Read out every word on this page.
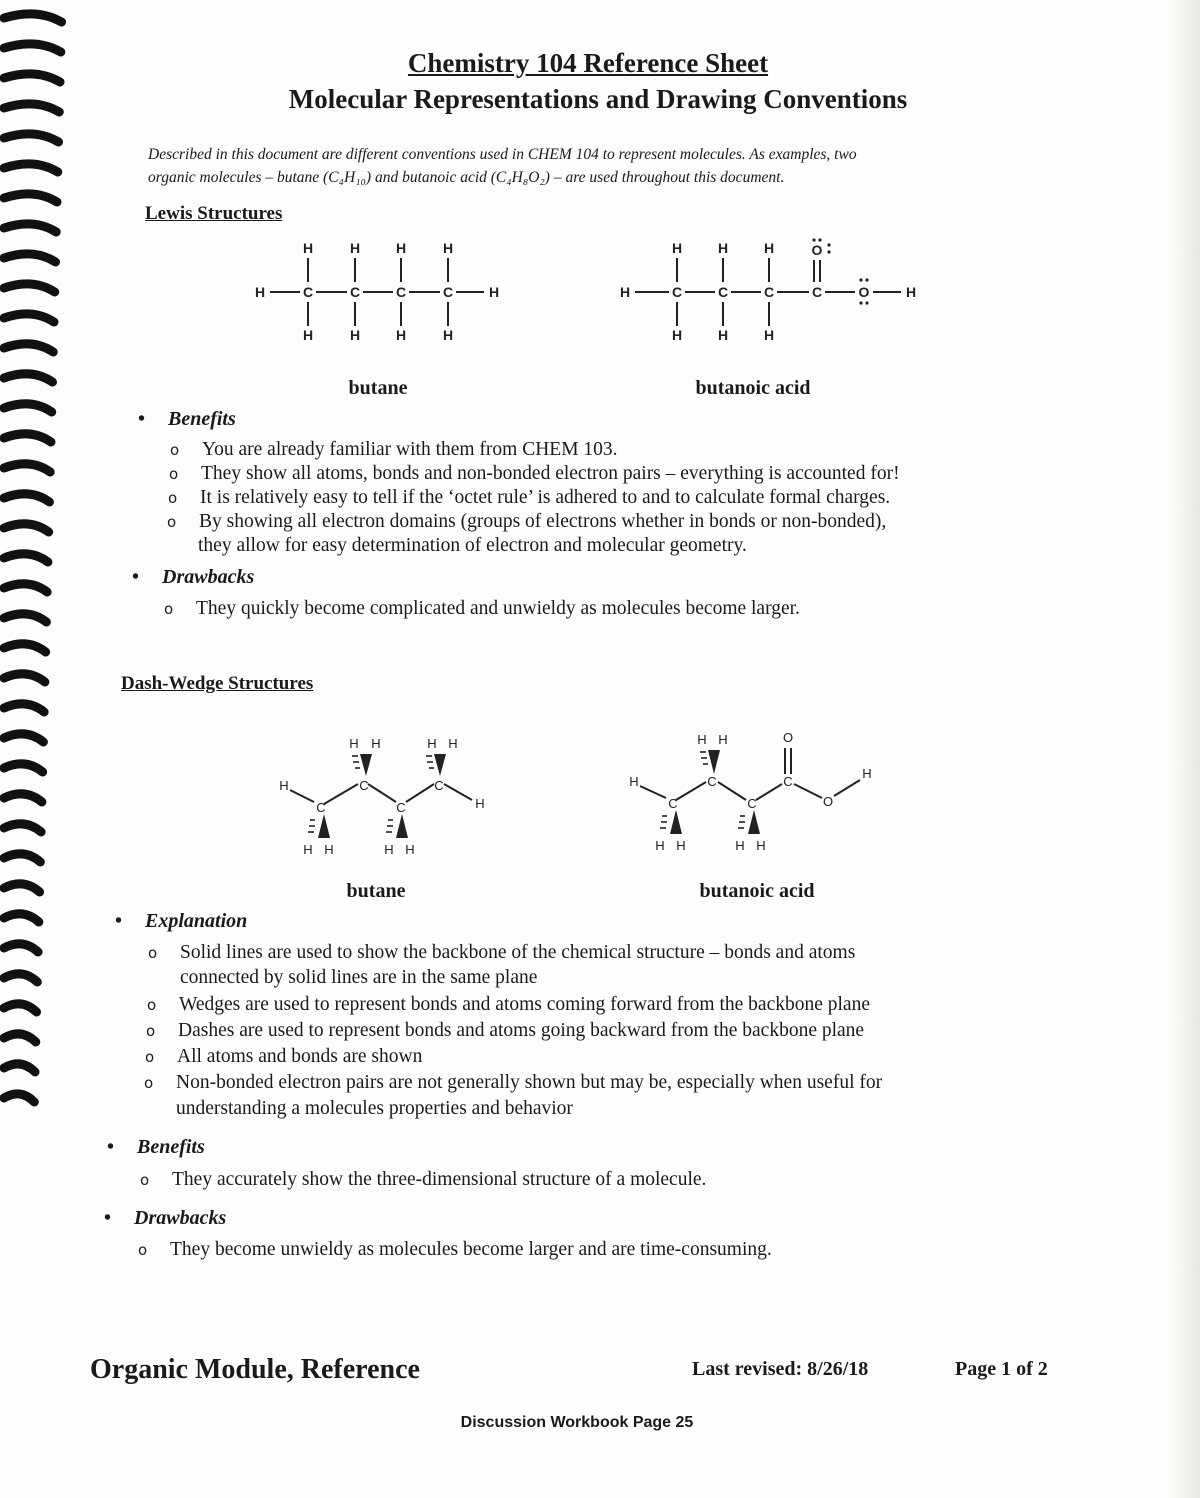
Chemistry 104 Reference Sheet
Molecular Representations and Drawing Conventions
Described in this document are different conventions used in CHEM 104 to represent molecules. As examples, two
organic molecules – butane (C₄H₁₀) and butanoic acid (C₄H₈O₂) – are used throughout this document.
Lewis Structures
H	C	C	C	C	H
H	H	H	H
H	H	H	H
H	C	C	C	C	O	H
H	H	H	O
H	H	H
butane	butanoic acid
• Benefits
o You are already familiar with them from CHEM 103.
o They show all atoms, bonds and non-bonded electron pairs – everything is accounted for!
o It is relatively easy to tell if the ‘octet rule’ is adhered to and to calculate formal charges.
o By showing all electron domains (groups of electrons whether in bonds or non-bonded),
they allow for easy determination of electron and molecular geometry.
• Drawbacks
o They quickly become complicated and unwieldy as molecules become larger.
Dash-Wedge Structures
H
C
C
C
C
H
H H	H H
H H	H H
H
C
C
C
C
O
O
H
H H
H H	H H
butane	butanoic acid
• Explanation
o Solid lines are used to show the backbone of the chemical structure – bonds and atoms
connected by solid lines are in the same plane
o Wedges are used to represent bonds and atoms coming forward from the backbone plane
o Dashes are used to represent bonds and atoms going backward from the backbone plane
o All atoms and bonds are shown
o Non-bonded electron pairs are not generally shown but may be, especially when useful for
understanding a molecules properties and behavior
• Benefits
o They accurately show the three-dimensional structure of a molecule.
• Drawbacks
o They become unwieldy as molecules become larger and are time-consuming.
Organic Module, Reference	Last revised: 8/26/18	Page 1 of 2
Discussion Workbook Page 25
